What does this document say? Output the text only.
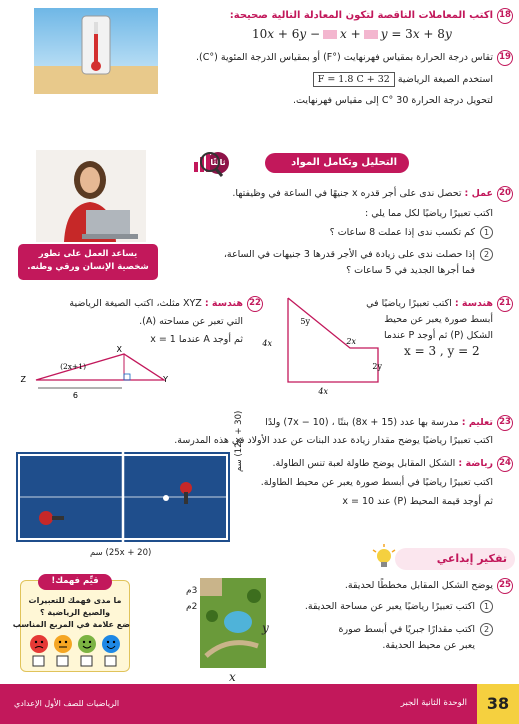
18
اكتب المعاملات الناقصة لتكون المعادلة التالية صحيحة:
10x + 6y − x + y = 3x + 8y
19
تقاس درجة الحرارة بمقياس فهرنهايت (°F) أو بمقياس الدرجة المئوية (°C).
استخدم الصيغة الرياضية F = 1.8 C + 32
لتحويل درجة الحرارة 30 °C إلى مقياس فهرنهايت.
التحليل وتكامل المواد
ثالثًا
يساعد العمل على تطور
شخصية الإنسان ورقي وطنه.
20
عمل : تحصل ندى على أجر قدره x جنيهًا في الساعة في وظيفتها.
اكتب تعبيرًا رياضيًا لكل مما يلي :
1
كم تكسب ندى إذا عملت 8 ساعات ؟
2
إذا حصلت ندى على زيادة في الأجر قدرها 3 جنيهات في الساعة،
فما أجرها الجديد في 5 ساعات ؟
21
هندسة : اكتب تعبيرًا رياضيًا في
أبسط صورة يعبر عن محيط
الشكل (P) ثم أوجد P عندما
x = 3 , y = 2
5y
4x	2x
2y
4x
22
هندسة : XYZ مثلث، اكتب الصيغة الرياضية
التي تعبر عن مساحته (A).
ثم أوجد A عندما x = 1
X
Y
Z
(2x+1)
6
23
تعليم : مدرسة بها عدد (15 + 8x) بنتًا ، (10 − 7x) ولدًا
اكتب تعبيرًا رياضيًا يوضح مقدار زيادة عدد البنات عن عدد الأولاد في هذه المدرسة.
24
رياضة : الشكل المقابل يوضح طاولة لعبة تنس الطاولة.
اكتب تعبيرًا رياضيًا في أبسط صورة يعبر عن محيط الطاولة.
ثم أوجد قيمة المحيط (P) عند x = 10
(12x + 30) سم
(25x + 20) سم	تفكير إبداعي
25
يوضح الشكل المقابل مخططًا لحديقة.
1
اكتب تعبيرًا رياضيًا يعبر عن مساحة الحديقة.
2
اكتب مقدارًا جبريًا في أبسط صورة
يعبر عن محيط الحديقة.
3م
2م
y
x
قيِّم فهمك!
ما مدى فهمك للتعبيرات
والصيغ الرياضية ؟
ضع علامة في المربع المناسب
38
الوحدة الثانية الجبر
الرياضيات للصف الأول الإعدادي
